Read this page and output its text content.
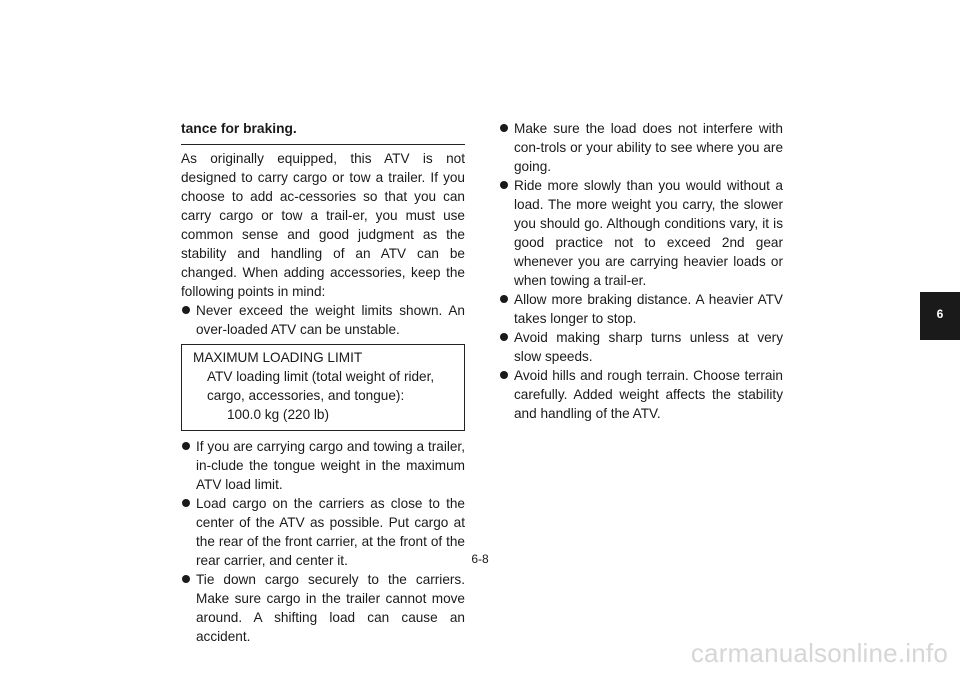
tance for braking.

As originally equipped, this ATV is not designed to carry cargo or tow a trailer. If you choose to add ac-cessories so that you can carry cargo or tow a trail-er, you must use common sense and good judgment as the stability and handling of an ATV can be changed. When adding accessories, keep the following points in mind:

Never exceed the weight limits shown. An over-loaded ATV can be unstable.
MAXIMUM LOADING LIMIT
ATV loading limit (total weight of rider, cargo, accessories, and tongue):
100.0 kg (220 lb)
If you are carrying cargo and towing a trailer, in-clude the tongue weight in the maximum ATV load limit.
Load cargo on the carriers as close to the center of the ATV as possible. Put cargo at the rear of the front carrier, at the front of the rear carrier, and center it.
Tie down cargo securely to the carriers. Make sure cargo in the trailer cannot move around. A shifting load can cause an accident.
Make sure the load does not interfere with con-trols or your ability to see where you are going.
Ride more slowly than you would without a load. The more weight you carry, the slower you should go. Although conditions vary, it is good practice not to exceed 2nd gear whenever you are carrying heavier loads or when towing a trail-er.
Allow more braking distance. A heavier ATV takes longer to stop.
Avoid making sharp turns unless at very slow speeds.
Avoid hills and rough terrain. Choose terrain carefully. Added weight affects the stability and handling of the ATV.
6
6-8
carmanualsonline.info
